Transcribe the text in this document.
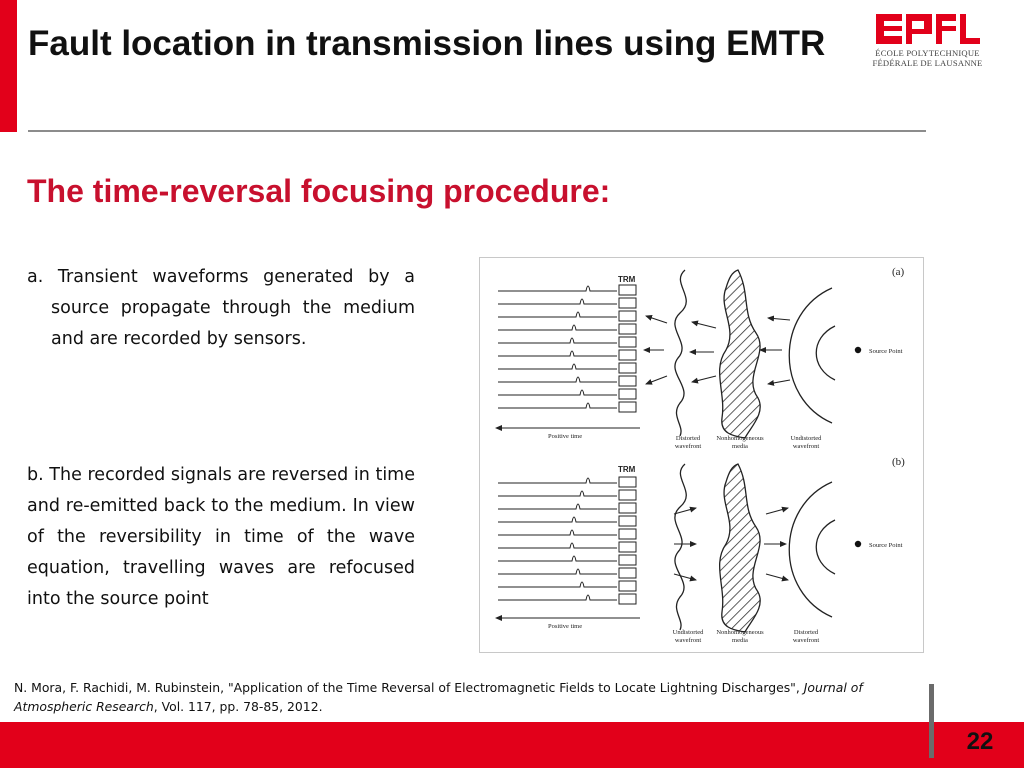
Fault location in transmission lines using EMTR	ÉCOLE POLYTECHNIQUE
FÉDÉRALE DE LAUSANNE
The time-reversal focusing procedure:

a. Transient waveforms generated by a source propagate through the medium and are recorded by sensors.

b. The recorded signals are reversed in time and re-emitted back to the medium. In view of the reversibility in time of the wave equation, travelling waves are refocused into the source point

(a)
TRM
Source Point
Positive time	Distorted
wavefront
Nonhomogeneous
media
Undistorted
wavefront
(b)
TRM
Source Point
Positive time
Undistorted
wavefront
Nonhomogeneous
media
Distorted
wavefront

N. Mora, F. Rachidi, M. Rubinstein, "Application of the Time Reversal of Electromagnetic Fields to Locate Lightning Discharges", Journal of Atmospheric Research, Vol. 117, pp. 78-85, 2012.

22
